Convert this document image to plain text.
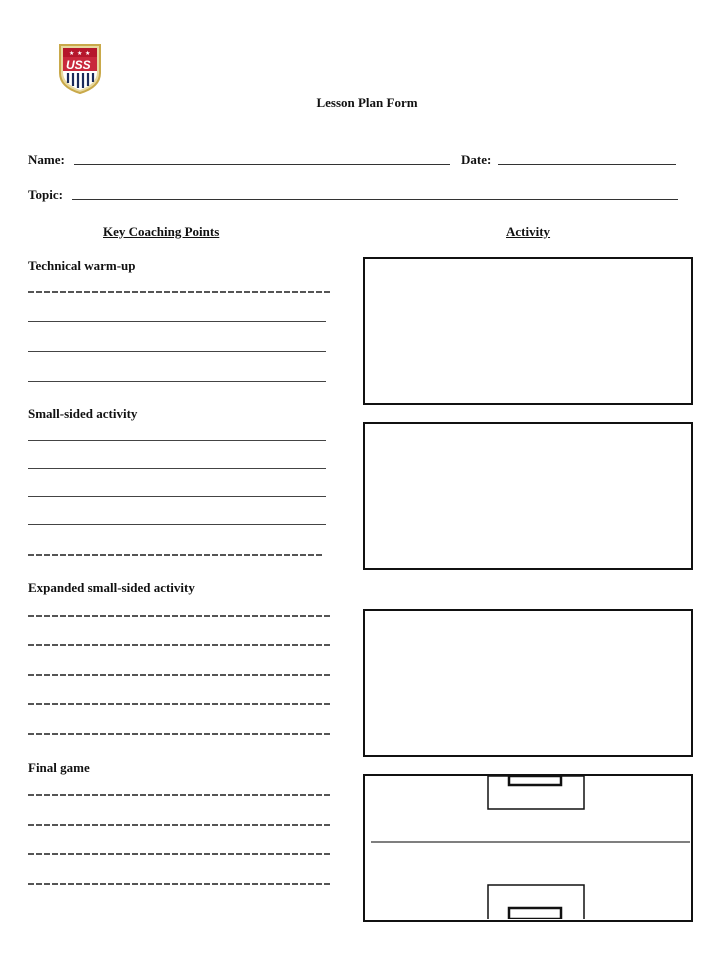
★ ★ ★
USS
Lesson Plan Form
Name:	Date:
Topic:
Key Coaching Points	Activity
Technical warm-up
Small-sided activity
Expanded small-sided activity
Final game
